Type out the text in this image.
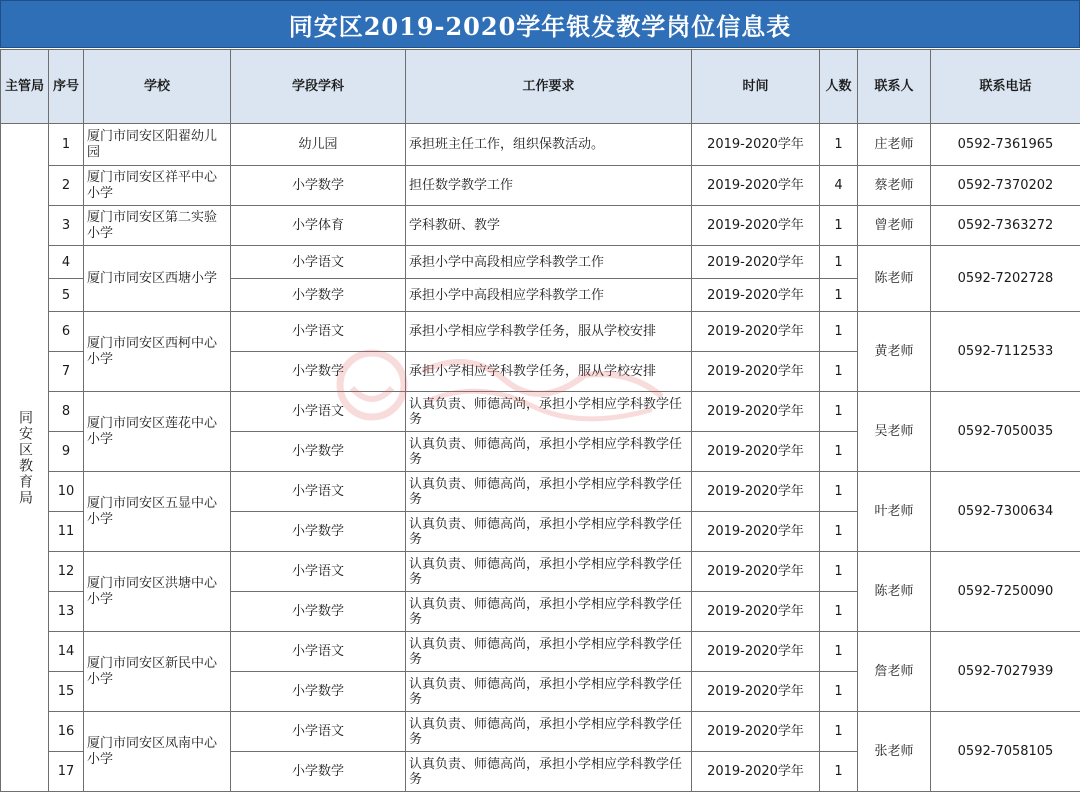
同安区2019-2020学年银发教学岗位信息表
主管局	序号	学校	学段学科	工作要求	时间	人数	联系人	联系电话
同安区教育局	1	厦门市同安区阳翟幼儿园	幼儿园	承担班主任工作，组织保教活动。	2019-2020学年	1	庄老师	0592-7361965
	2	厦门市同安区祥平中心小学	小学数学	担任数学教学工作	2019-2020学年	4	蔡老师	0592-7370202
	3	厦门市同安区第二实验小学	小学体育	学科教研、教学	2019-2020学年	1	曾老师	0592-7363272
	4	厦门市同安区西塘小学	小学语文	承担小学中高段相应学科教学工作	2019-2020学年	1	陈老师	0592-7202728
	5		小学数学	承担小学中高段相应学科教学工作	2019-2020学年	1		
	6	厦门市同安区西柯中心小学	小学语文	承担小学相应学科教学任务，服从学校安排	2019-2020学年	1	黄老师	0592-7112533
	7		小学数学	承担小学相应学科教学任务，服从学校安排	2019-2020学年	1		
	8	厦门市同安区莲花中心小学	小学语文	认真负责、师德高尚，承担小学相应学科教学任务	2019-2020学年	1	吴老师	0592-7050035
	9		小学数学	认真负责、师德高尚，承担小学相应学科教学任务	2019-2020学年	1		
	10	厦门市同安区五显中心小学	小学语文	认真负责、师德高尚，承担小学相应学科教学任务	2019-2020学年	1	叶老师	0592-7300634
	11		小学数学	认真负责、师德高尚，承担小学相应学科教学任务	2019-2020学年	1		
	12	厦门市同安区洪塘中心小学	小学语文	认真负责、师德高尚，承担小学相应学科教学任务	2019-2020学年	1	陈老师	0592-7250090
	13		小学数学	认真负责、师德高尚，承担小学相应学科教学任务	2019-2020学年	1		
	14	厦门市同安区新民中心小学	小学语文	认真负责、师德高尚，承担小学相应学科教学任务	2019-2020学年	1	詹老师	0592-7027939
	15		小学数学	认真负责、师德高尚，承担小学相应学科教学任务	2019-2020学年	1		
	16	厦门市同安区凤南中心小学	小学语文	认真负责、师德高尚，承担小学相应学科教学任务	2019-2020学年	1	张老师	0592-7058105
	17		小学数学	认真负责、师德高尚，承担小学相应学科教学任务	2019-2020学年	1		
